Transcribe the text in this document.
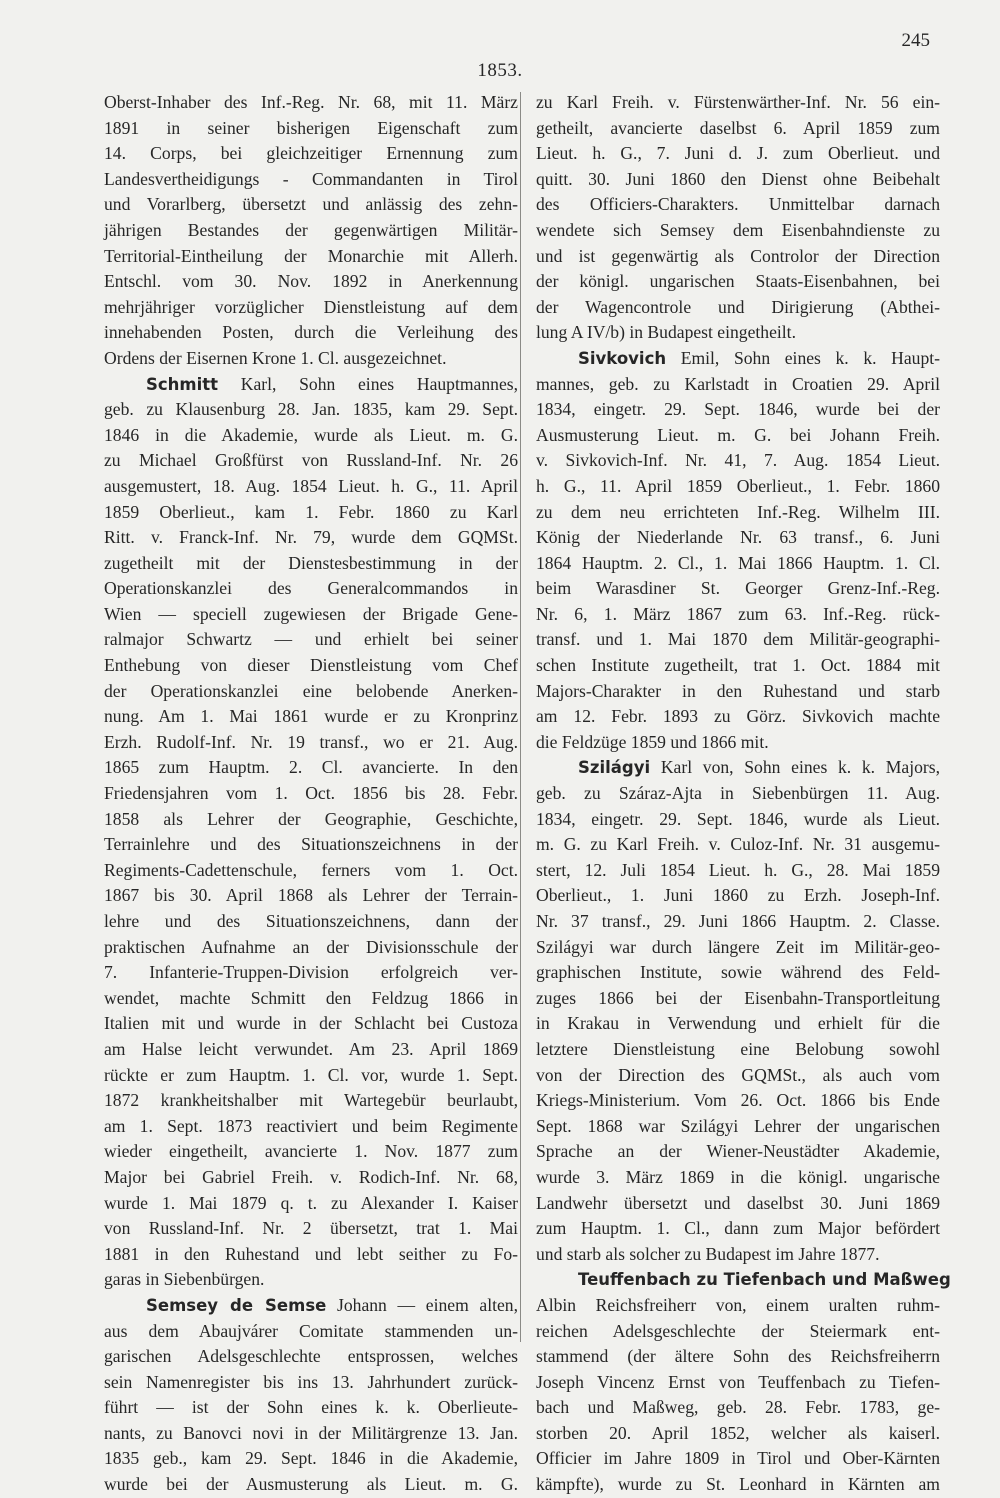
245
1853.
Oberst-Inhaber des Inf.-Reg. Nr. 68, mit 11. März
1891 in seiner bisherigen Eigenschaft zum
14. Corps, bei gleichzeitiger Ernennung zum
Landesvertheidigungs - Commandanten in Tirol
und Vorarlberg, übersetzt und anlässig des zehn-
jährigen Bestandes der gegenwärtigen Militär-
Territorial-Eintheilung der Monarchie mit Allerh.
Entschl. vom 30. Nov. 1892 in Anerkennung
mehrjähriger vorzüglicher Dienstleistung auf dem
innehabenden Posten, durch die Verleihung des
Ordens der Eisernen Krone 1. Cl. ausgezeichnet.
Schmitt Karl, Sohn eines Hauptmannes,
geb. zu Klausenburg 28. Jan. 1835, kam 29. Sept.
1846 in die Akademie, wurde als Lieut. m. G.
zu Michael Großfürst von Russland-Inf. Nr. 26
ausgemustert, 18. Aug. 1854 Lieut. h. G., 11. April
1859 Oberlieut., kam 1. Febr. 1860 zu Karl
Ritt. v. Franck-Inf. Nr. 79, wurde dem GQMSt.
zugetheilt mit der Dienstesbestimmung in der
Operationskanzlei des Generalcommandos in
Wien — speciell zugewiesen der Brigade Gene-
ralmajor Schwartz — und erhielt bei seiner
Enthebung von dieser Dienstleistung vom Chef
der Operationskanzlei eine belobende Anerken-
nung. Am 1. Mai 1861 wurde er zu Kronprinz
Erzh. Rudolf-Inf. Nr. 19 transf., wo er 21. Aug.
1865 zum Hauptm. 2. Cl. avancierte. In den
Friedensjahren vom 1. Oct. 1856 bis 28. Febr.
1858 als Lehrer der Geographie, Geschichte,
Terrainlehre und des Situationszeichnens in der
Regiments-Cadettenschule, ferners vom 1. Oct.
1867 bis 30. April 1868 als Lehrer der Terrain-
lehre und des Situationszeichnens, dann der
praktischen Aufnahme an der Divisionsschule der
7. Infanterie-Truppen-Division erfolgreich ver-
wendet, machte Schmitt den Feldzug 1866 in
Italien mit und wurde in der Schlacht bei Custoza
am Halse leicht verwundet. Am 23. April 1869
rückte er zum Hauptm. 1. Cl. vor, wurde 1. Sept.
1872 krankheitshalber mit Wartegebür beurlaubt,
am 1. Sept. 1873 reactiviert und beim Regimente
wieder eingetheilt, avancierte 1. Nov. 1877 zum
Major bei Gabriel Freih. v. Rodich-Inf. Nr. 68,
wurde 1. Mai 1879 q. t. zu Alexander I. Kaiser
von Russland-Inf. Nr. 2 übersetzt, trat 1. Mai
1881 in den Ruhestand und lebt seither zu Fo-
garas in Siebenbürgen.
Semsey de Semse Johann — einem alten,
aus dem Abaujvárer Comitate stammenden un-
garischen Adelsgeschlechte entsprossen, welches
sein Namenregister bis ins 13. Jahrhundert zurück-
führt — ist der Sohn eines k. k. Oberlieute-
nants, zu Banovci novi in der Militärgrenze 13. Jan.
1835 geb., kam 29. Sept. 1846 in die Akademie,
wurde bei der Ausmusterung als Lieut. m. G.
zu Karl Freih. v. Fürstenwärther-Inf. Nr. 56 ein-
getheilt, avancierte daselbst 6. April 1859 zum
Lieut. h. G., 7. Juni d. J. zum Oberlieut. und
quitt. 30. Juni 1860 den Dienst ohne Beibehalt
des Officiers-Charakters. Unmittelbar darnach
wendete sich Semsey dem Eisenbahndienste zu
und ist gegenwärtig als Controlor der Direction
der königl. ungarischen Staats-Eisenbahnen, bei
der Wagencontrole und Dirigierung (Abthei-
lung A IV/b) in Budapest eingetheilt.
Sivkovich Emil, Sohn eines k. k. Haupt-
mannes, geb. zu Karlstadt in Croatien 29. April
1834, eingetr. 29. Sept. 1846, wurde bei der
Ausmusterung Lieut. m. G. bei Johann Freih.
v. Sivkovich-Inf. Nr. 41, 7. Aug. 1854 Lieut.
h. G., 11. April 1859 Oberlieut., 1. Febr. 1860
zu dem neu errichteten Inf.-Reg. Wilhelm III.
König der Niederlande Nr. 63 transf., 6. Juni
1864 Hauptm. 2. Cl., 1. Mai 1866 Hauptm. 1. Cl.
beim Warasdiner St. Georger Grenz-Inf.-Reg.
Nr. 6, 1. März 1867 zum 63. Inf.-Reg. rück-
transf. und 1. Mai 1870 dem Militär-geographi-
schen Institute zugetheilt, trat 1. Oct. 1884 mit
Majors-Charakter in den Ruhestand und starb
am 12. Febr. 1893 zu Görz. Sivkovich machte
die Feldzüge 1859 und 1866 mit.
Szilágyi Karl von, Sohn eines k. k. Majors,
geb. zu Száraz-Ajta in Siebenbürgen 11. Aug.
1834, eingetr. 29. Sept. 1846, wurde als Lieut.
m. G. zu Karl Freih. v. Culoz-Inf. Nr. 31 ausgemu-
stert, 12. Juli 1854 Lieut. h. G., 28. Mai 1859
Oberlieut., 1. Juni 1860 zu Erzh. Joseph-Inf.
Nr. 37 transf., 29. Juni 1866 Hauptm. 2. Classe.
Szilágyi war durch längere Zeit im Militär-geo-
graphischen Institute, sowie während des Feld-
zuges 1866 bei der Eisenbahn-Transportleitung
in Krakau in Verwendung und erhielt für die
letztere Dienstleistung eine Belobung sowohl
von der Direction des GQMSt., als auch vom
Kriegs-Ministerium. Vom 26. Oct. 1866 bis Ende
Sept. 1868 war Szilágyi Lehrer der ungarischen
Sprache an der Wiener-Neustädter Akademie,
wurde 3. März 1869 in die königl. ungarische
Landwehr übersetzt und daselbst 30. Juni 1869
zum Hauptm. 1. Cl., dann zum Major befördert
und starb als solcher zu Budapest im Jahre 1877.
Teuffenbach zu Tiefenbach und Maßweg
Albin Reichsfreiherr von, einem uralten ruhm-
reichen Adelsgeschlechte der Steiermark ent-
stammend (der ältere Sohn des Reichsfreiherrn
Joseph Vincenz Ernst von Teuffenbach zu Tiefen-
bach und Maßweg, geb. 28. Febr. 1783, ge-
storben 20. April 1852, welcher als kaiserl.
Officier im Jahre 1809 in Tirol und Ober-Kärnten
kämpfte), wurde zu St. Leonhard in Kärnten am
